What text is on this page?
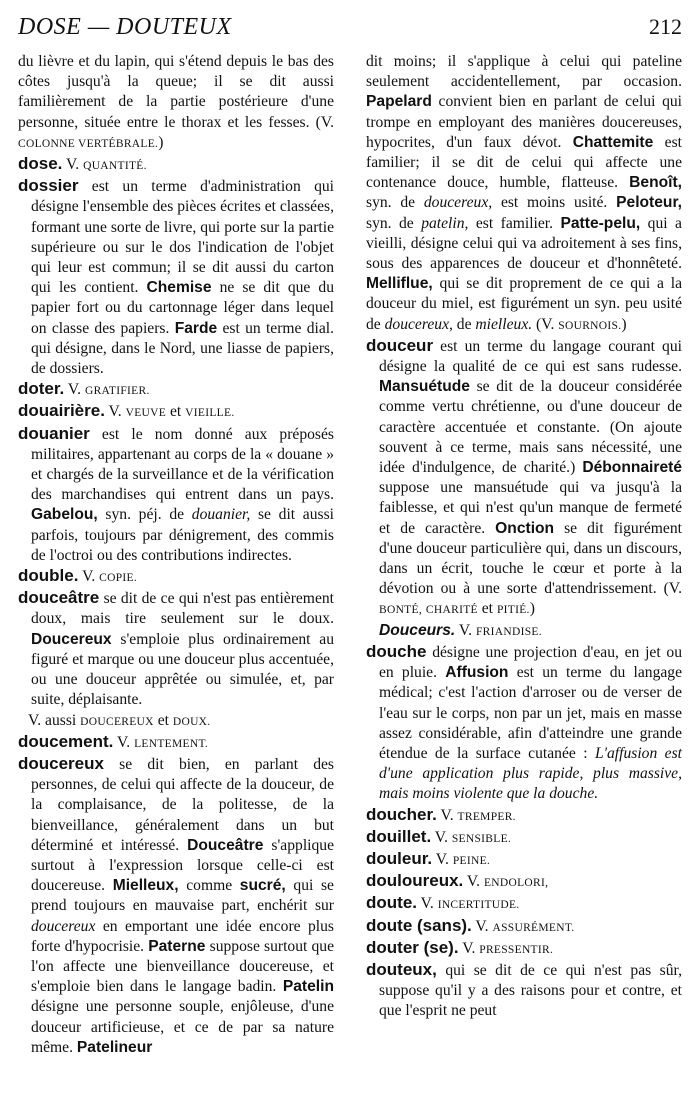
DOSE — DOUTEUX	212

du lièvre et du lapin, qui s'étend depuis le bas des côtes jusqu'à la queue; il se dit aussi familièrement de la partie postérieure d'une personne, située entre le thorax et les fesses. (V. COLONNE VERTÉBRALE.)

dose. V. QUANTITÉ.

dossier est un terme d'administration qui désigne l'ensemble des pièces écrites et classées, formant une sorte de livre, qui porte sur la partie supérieure ou sur le dos l'indication de l'objet qui leur est commun; il se dit aussi du carton qui les contient. Chemise ne se dit que du papier fort ou du cartonnage léger dans lequel on classe des papiers. Farde est un terme dial. qui désigne, dans le Nord, une liasse de papiers, de dossiers.

doter. V. GRATIFIER.

douairière. V. VEUVE et VIEILLE.

douanier est le nom donné aux préposés militaires, appartenant au corps de la « douane » et chargés de la surveillance et de la vérification des marchandises qui entrent dans un pays. Gabelou, syn. péj. de douanier, se dit aussi parfois, toujours par dénigrement, des commis de l'octroi ou des contributions indirectes.

double. V. COPIE.

douceâtre se dit de ce qui n'est pas entièrement doux, mais tire seulement sur le doux. Doucereux s'emploie plus ordinairement au figuré et marque ou une douceur plus accentuée, ou une douceur apprêtée ou simulée, et, par suite, déplaisante.

V. aussi DOUCEREUX et DOUX.

doucement. V. LENTEMENT.

doucereux se dit bien, en parlant des personnes, de celui qui affecte de la douceur, de la complaisance, de la politesse, de la bienveillance, généralement dans un but déterminé et intéressé. Douceâtre s'applique surtout à l'expression lorsque celle-ci est doucereuse. Mielleux, comme sucré, qui se prend toujours en mauvaise part, enchérit sur doucereux en emportant une idée encore plus forte d'hypocrisie. Paterne suppose surtout que l'on affecte une bienveillance doucereuse, et s'emploie bien dans le langage badin. Patelin désigne une personne souple, enjôleuse, d'une douceur artificieuse, et ce de par sa nature même. Patelineur

dit moins; il s'applique à celui qui pateline seulement accidentellement, par occasion. Papelard convient bien en parlant de celui qui trompe en employant des manières doucereuses, hypocrites, d'un faux dévot. Chattemite est familier; il se dit de celui qui affecte une contenance douce, humble, flatteuse. Benoît, syn. de doucereux, est moins usité. Peloteur, syn. de patelin, est familier. Patte-pelu, qui a vieilli, désigne celui qui va adroitement à ses fins, sous des apparences de douceur et d'honnêteté. Melliflue, qui se dit proprement de ce qui a la douceur du miel, est figurément un syn. peu usité de doucereux, de mielleux. (V. SOURNOIS.)

douceur est un terme du langage courant qui désigne la qualité de ce qui est sans rudesse. Mansuétude se dit de la douceur considérée comme vertu chrétienne, ou d'une douceur de caractère accentuée et constante. (On ajoute souvent à ce terme, mais sans nécessité, une idée d'indulgence, de charité.) Débonnaireté suppose une mansuétude qui va jusqu'à la faiblesse, et qui n'est qu'un manque de fermeté et de caractère. Onction se dit figurément d'une douceur particulière qui, dans un discours, dans un écrit, touche le cœur et porte à la dévotion ou à une sorte d'attendrissement. (V. BONTÉ, CHARITÉ et PITIÉ.)

Douceurs. V. FRIANDISE.

douche désigne une projection d'eau, en jet ou en pluie. Affusion est un terme du langage médical; c'est l'action d'arroser ou de verser de l'eau sur le corps, non par un jet, mais en masse assez considérable, afin d'atteindre une grande étendue de la surface cutanée : L'affusion est d'une application plus rapide, plus massive, mais moins violente que la douche.

doucher. V. TREMPER.

douillet. V. SENSIBLE.

douleur. V. PEINE.

douloureux. V. ENDOLORI,

doute. V. INCERTITUDE.

doute (sans). V. ASSURÉMENT.

douter (se). V. PRESSENTIR.

douteux, qui se dit de ce qui n'est pas sûr, suppose qu'il y a des raisons pour et contre, et que l'esprit ne peut
